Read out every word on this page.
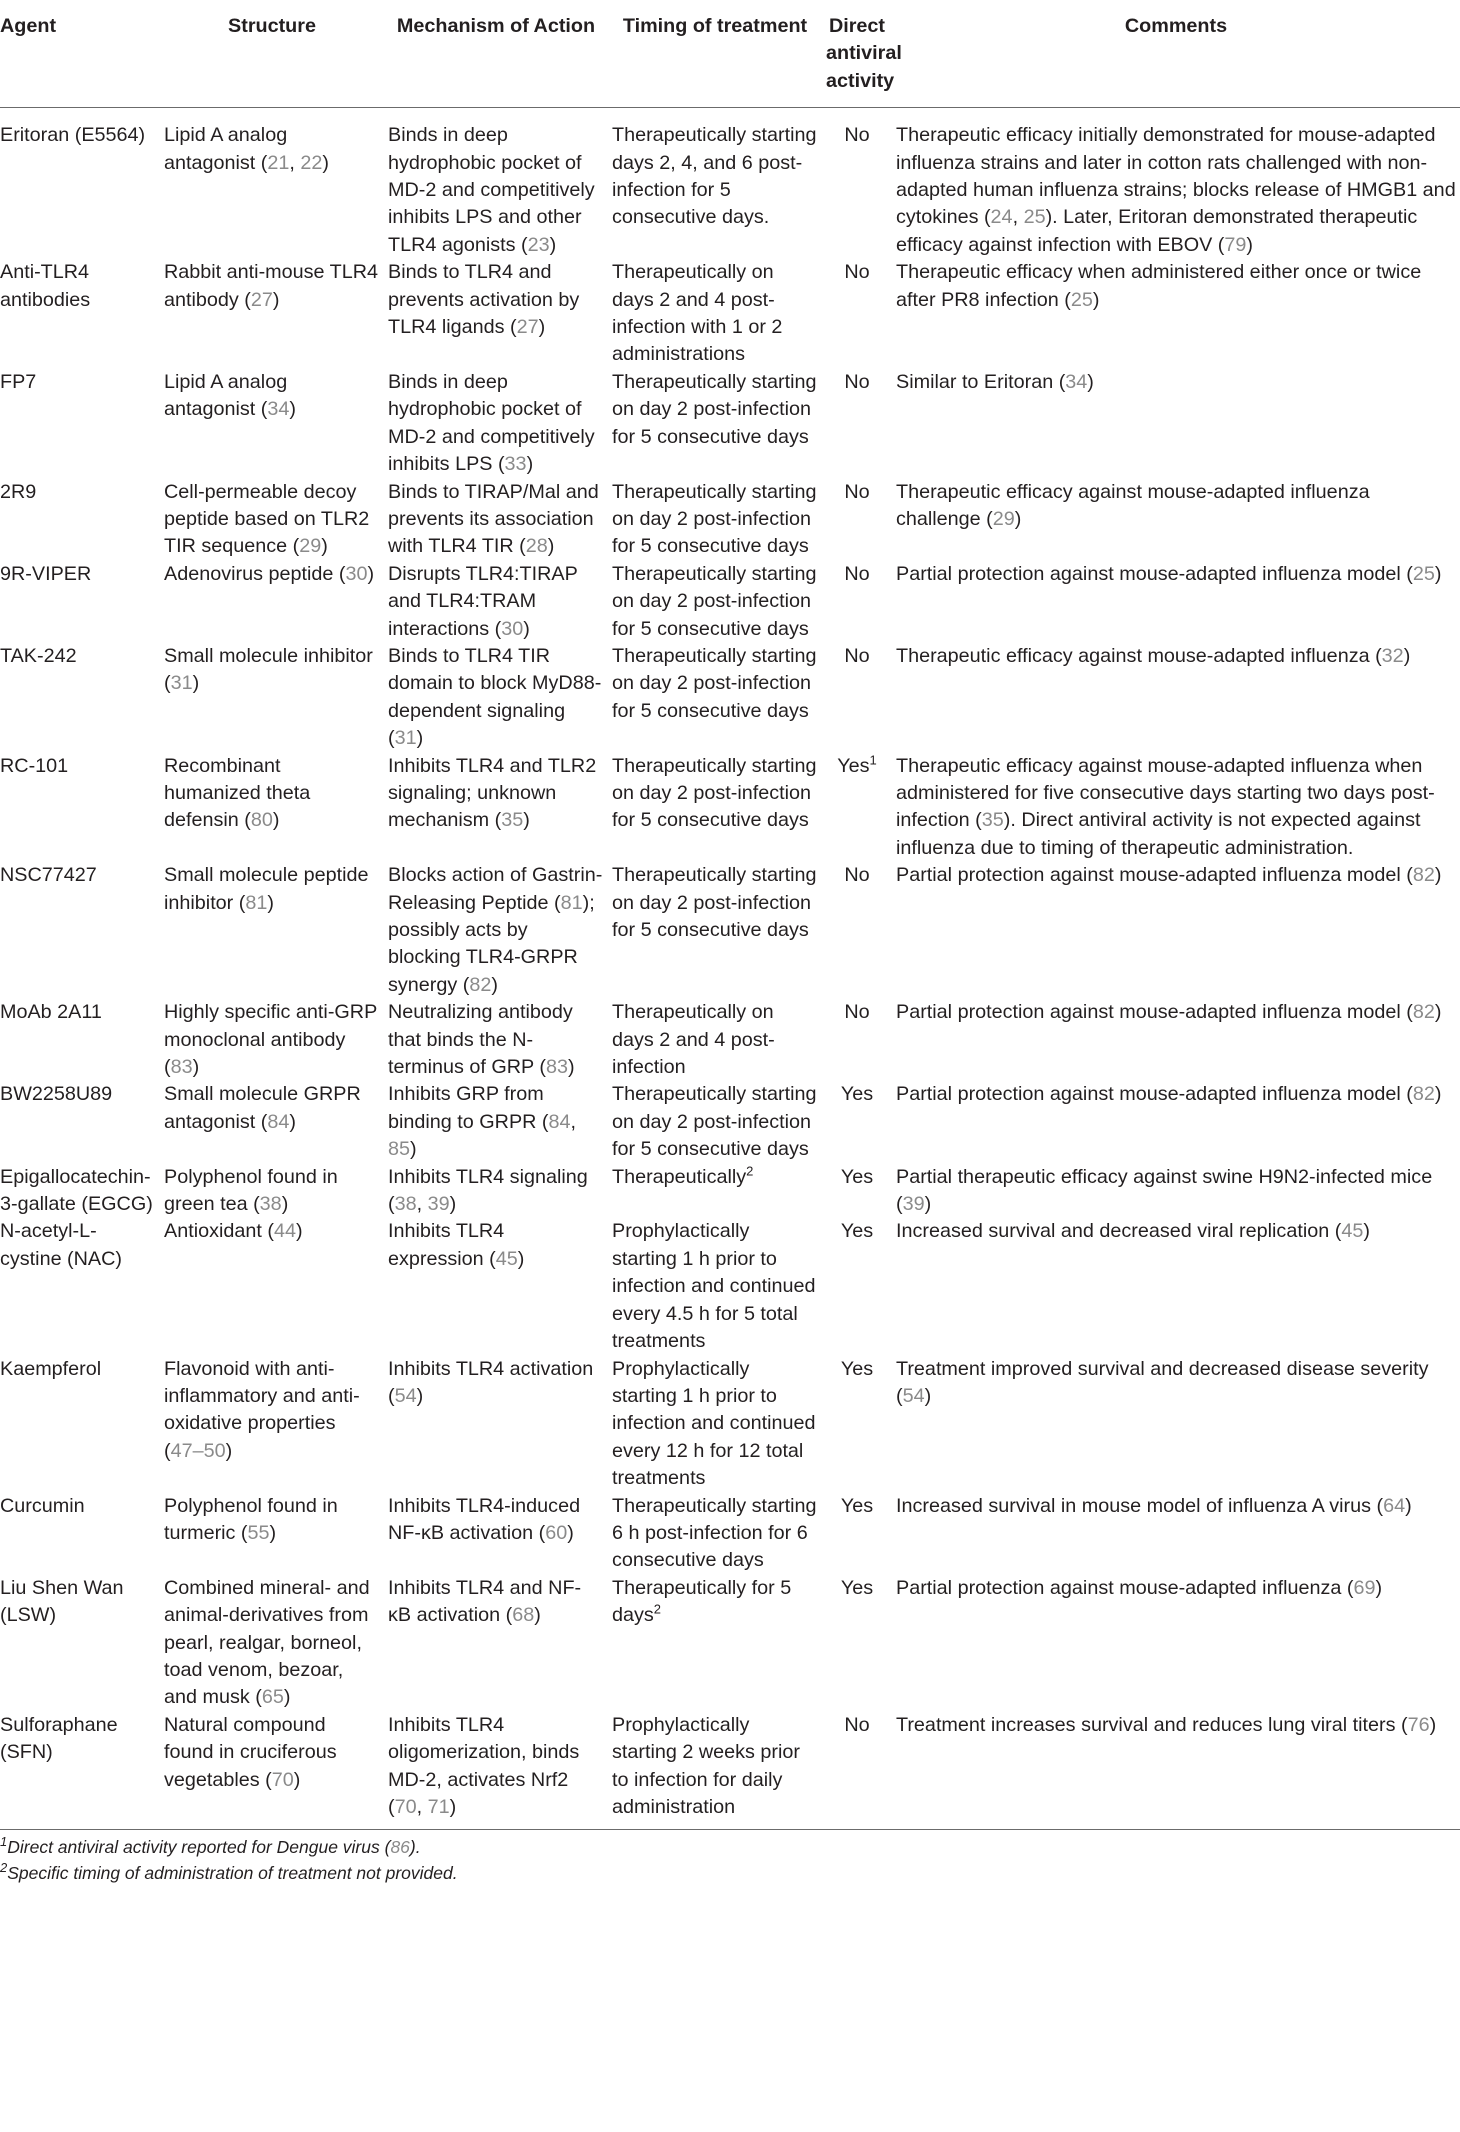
Agent	Structure	Mechanism of Action	Timing of treatment	Direct antiviral activity	Comments
Eritoran (E5564)	Lipid A analog antagonist (21, 22)	Binds in deep hydrophobic pocket of MD-2 and competitively inhibits LPS and other TLR4 agonists (23)	Therapeutically starting days 2, 4, and 6 post-infection for 5 consecutive days.	No	Therapeutic efficacy initially demonstrated for mouse-adapted influenza strains and later in cotton rats challenged with non-adapted human influenza strains; blocks release of HMGB1 and cytokines (24, 25). Later, Eritoran demonstrated therapeutic efficacy against infection with EBOV (79)
Anti-TLR4 antibodies	Rabbit anti-mouse TLR4 antibody (27)	Binds to TLR4 and prevents activation by TLR4 ligands (27)	Therapeutically on days 2 and 4 post-infection with 1 or 2 administrations	No	Therapeutic efficacy when administered either once or twice after PR8 infection (25)
FP7	Lipid A analog antagonist (34)	Binds in deep hydrophobic pocket of MD-2 and competitively inhibits LPS (33)	Therapeutically starting on day 2 post-infection for 5 consecutive days	No	Similar to Eritoran (34)
2R9	Cell-permeable decoy peptide based on TLR2 TIR sequence (29)	Binds to TIRAP/Mal and prevents its association with TLR4 TIR (28)	Therapeutically starting on day 2 post-infection for 5 consecutive days	No	Therapeutic efficacy against mouse-adapted influenza challenge (29)
9R-VIPER	Adenovirus peptide (30)	Disrupts TLR4:TIRAP and TLR4:TRAM interactions (30)	Therapeutically starting on day 2 post-infection for 5 consecutive days	No	Partial protection against mouse-adapted influenza model (25)
TAK-242	Small molecule inhibitor (31)	Binds to TLR4 TIR domain to block MyD88-dependent signaling (31)	Therapeutically starting on day 2 post-infection for 5 consecutive days	No	Therapeutic efficacy against mouse-adapted influenza (32)
RC-101	Recombinant humanized theta defensin (80)	Inhibits TLR4 and TLR2 signaling; unknown mechanism (35)	Therapeutically starting on day 2 post-infection for 5 consecutive days	Yes$^1$	Therapeutic efficacy against mouse-adapted influenza when administered for five consecutive days starting two days post-infection (35). Direct antiviral activity is not expected against influenza due to timing of therapeutic administration.
NSC77427	Small molecule peptide inhibitor (81)	Blocks action of Gastrin-Releasing Peptide (81); possibly acts by blocking TLR4-GRPR synergy (82)	Therapeutically starting on day 2 post-infection for 5 consecutive days	No	Partial protection against mouse-adapted influenza model (82)
MoAb 2A11	Highly specific anti-GRP monoclonal antibody (83)	Neutralizing antibody that binds the N-terminus of GRP (83)	Therapeutically on days 2 and 4 post-infection	No	Partial protection against mouse-adapted influenza model (82)
BW2258U89	Small molecule GRPR antagonist (84)	Inhibits GRP from binding to GRPR (84, 85)	Therapeutically starting on day 2 post-infection for 5 consecutive days	Yes	Partial protection against mouse-adapted influenza model (82)
Epigallocatechin-3-gallate (EGCG)	Polyphenol found in green tea (38)	Inhibits TLR4 signaling (38, 39)	Therapeutically$^2$	Yes	Partial therapeutic efficacy against swine H9N2-infected mice (39)
N-acetyl-L-cystine (NAC)	Antioxidant (44)	Inhibits TLR4 expression (45)	Prophylactically starting 1 h prior to infection and continued every 4.5 h for 5 total treatments	Yes	Increased survival and decreased viral replication (45)
Kaempferol	Flavonoid with anti-inflammatory and anti-oxidative properties (47–50)	Inhibits TLR4 activation (54)	Prophylactically starting 1 h prior to infection and continued every 12 h for 12 total treatments	Yes	Treatment improved survival and decreased disease severity (54)
Curcumin	Polyphenol found in turmeric (55)	Inhibits TLR4-induced NF-κB activation (60)	Therapeutically starting 6 h post-infection for 6 consecutive days	Yes	Increased survival in mouse model of influenza A virus (64)
Liu Shen Wan (LSW)	Combined mineral- and animal-derivatives from pearl, realgar, borneol, toad venom, bezoar, and musk (65)	Inhibits TLR4 and NF-κB activation (68)	Therapeutically for 5 days$^2$	Yes	Partial protection against mouse-adapted influenza (69)
Sulforaphane (SFN)	Natural compound found in cruciferous vegetables (70)	Inhibits TLR4 oligomerization, binds MD-2, activates Nrf2 (70, 71)	Prophylactically starting 2 weeks prior to infection for daily administration	No	Treatment increases survival and reduces lung viral titers (76)
$^1$Direct antiviral activity reported for Dengue virus (86).
$^2$Specific timing of administration of treatment not provided.
